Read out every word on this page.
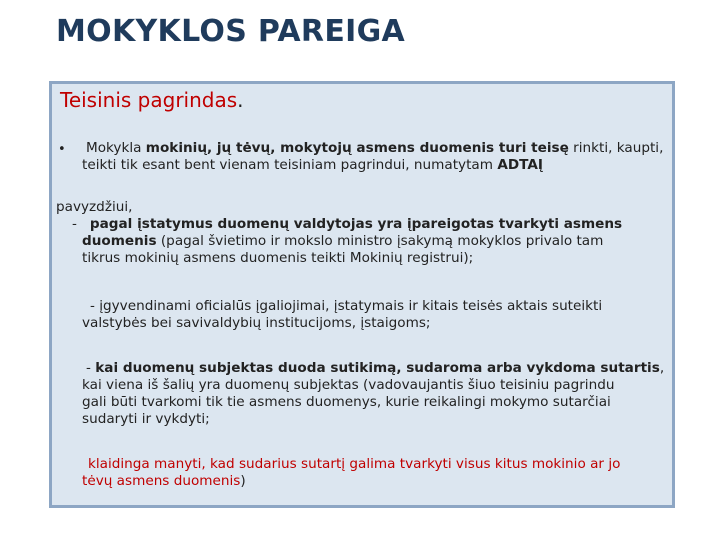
MOKYKLOS PAREIGA
Teisinis pagrindas.
• Mokykla mokinių, jų tėvų, mokytojų asmens duomenis turi teisę rinkti, kaupti,

teikti tik esant bent vienam teisiniam pagrindui, numatytam ADTAĮ

pavyzdžiui,

- pagal įstatymus duomenų valdytojas yra įpareigotas tvarkyti asmens

duomenis (pagal švietimo ir mokslo ministro įsakymą mokyklos privalo tam

tikrus mokinių asmens duomenis teikti Mokinių registrui);

- įgyvendinami oficialūs įgaliojimai, įstatymais ir kitais teisės aktais suteikti

valstybės bei savivaldybių institucijoms, įstaigoms;

- kai duomenų subjektas duoda sutikimą, sudaroma arba vykdoma sutartis,

kai viena iš šalių yra duomenų subjektas (vadovaujantis šiuo teisiniu pagrindu

gali būti tvarkomi tik tie asmens duomenys, kurie reikalingi mokymo sutarčiai

sudaryti ir vykdyti;

klaidinga manyti, kad sudarius sutartį galima tvarkyti visus kitus mokinio ar jo

tėvų asmens duomenis)
